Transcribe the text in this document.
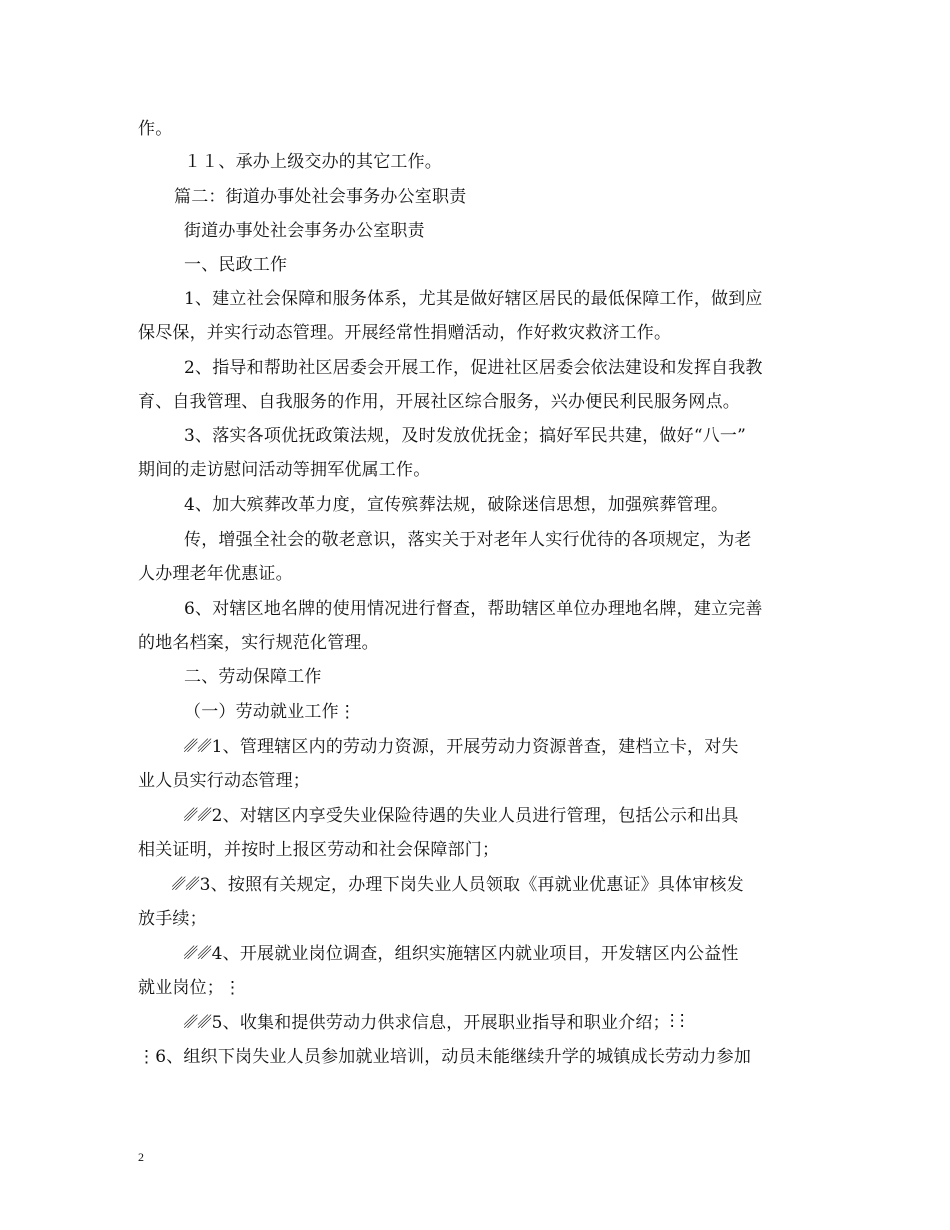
作。
１１、承办上级交办的其它工作。
篇二：街道办事处社会事务办公室职责
街道办事处社会事务办公室职责
一、民政工作
1、建立社会保障和服务体系，尤其是做好辖区居民的最低保障工作，做到应
保尽保，并实行动态管理。开展经常性捐赠活动，作好救灾救济工作。
2、指导和帮助社区居委会开展工作，促进社区居委会依法建设和发挥自我教
育、自我管理、自我服务的作用，开展社区综合服务，兴办便民利民服务网点。
3、落实各项优抚政策法规，及时发放优抚金；搞好军民共建，做好“八一”
期间的走访慰问活动等拥军优属工作。
4、加大殡葬改革力度，宣传殡葬法规，破除迷信思想，加强殡葬管理。
传，增强全社会的敬老意识，落实关于对老年人实行优待的各项规定，为老
人办理老年优惠证。
6、对辖区地名牌的使用情况进行督查，帮助辖区单位办理地名牌，建立完善
的地名档案，实行规范化管理。
二、劳动保障工作
（一）劳动就业工作⋮
␥␥1、管理辖区内的劳动力资源，开展劳动力资源普查，建档立卡，对失
业人员实行动态管理；
␥␥2、对辖区内享受失业保险待遇的失业人员进行管理，包括公示和出具
相关证明，并按时上报区劳动和社会保障部门；
␥␥3、按照有关规定，办理下岗失业人员领取《再就业优惠证》具体审核发
放手续；
␥␥4、开展就业岗位调查，组织实施辖区内就业项目，开发辖区内公益性
就业岗位；⋮
␥␥5、收集和提供劳动力供求信息，开展职业指导和职业介绍；⋮ ⋮
⋮6、组织下岗失业人员参加就业培训，动员未能继续升学的城镇成长劳动力参加
2
